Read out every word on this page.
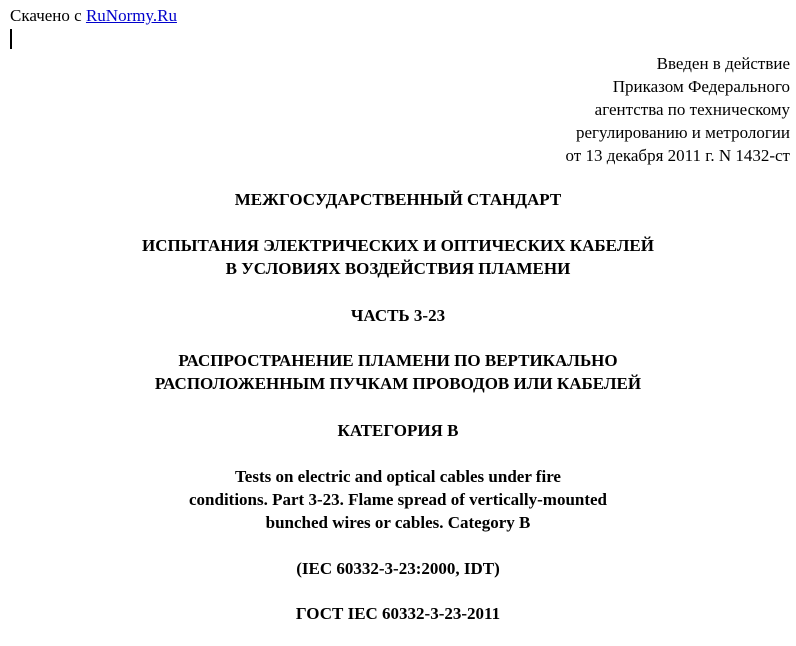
Скачено с RuNormy.Ru
Введен в действие
Приказом Федерального
агентства по техническому
регулированию и метрологии
от 13 декабря 2011 г. N 1432-ст
МЕЖГОСУДАРСТВЕННЫЙ СТАНДАРТ
ИСПЫТАНИЯ ЭЛЕКТРИЧЕСКИХ И ОПТИЧЕСКИХ КАБЕЛЕЙ
В УСЛОВИЯХ ВОЗДЕЙСТВИЯ ПЛАМЕНИ
ЧАСТЬ 3-23
РАСПРОСТРАНЕНИЕ ПЛАМЕНИ ПО ВЕРТИКАЛЬНО
РАСПОЛОЖЕННЫМ ПУЧКАМ ПРОВОДОВ ИЛИ КАБЕЛЕЙ
КАТЕГОРИЯ B
Tests on electric and optical cables under fire
conditions. Part 3-23. Flame spread of vertically-mounted
bunched wires or cables. Category B
(IEC 60332-3-23:2000, IDT)
ГОСТ IEC 60332-3-23-2011
